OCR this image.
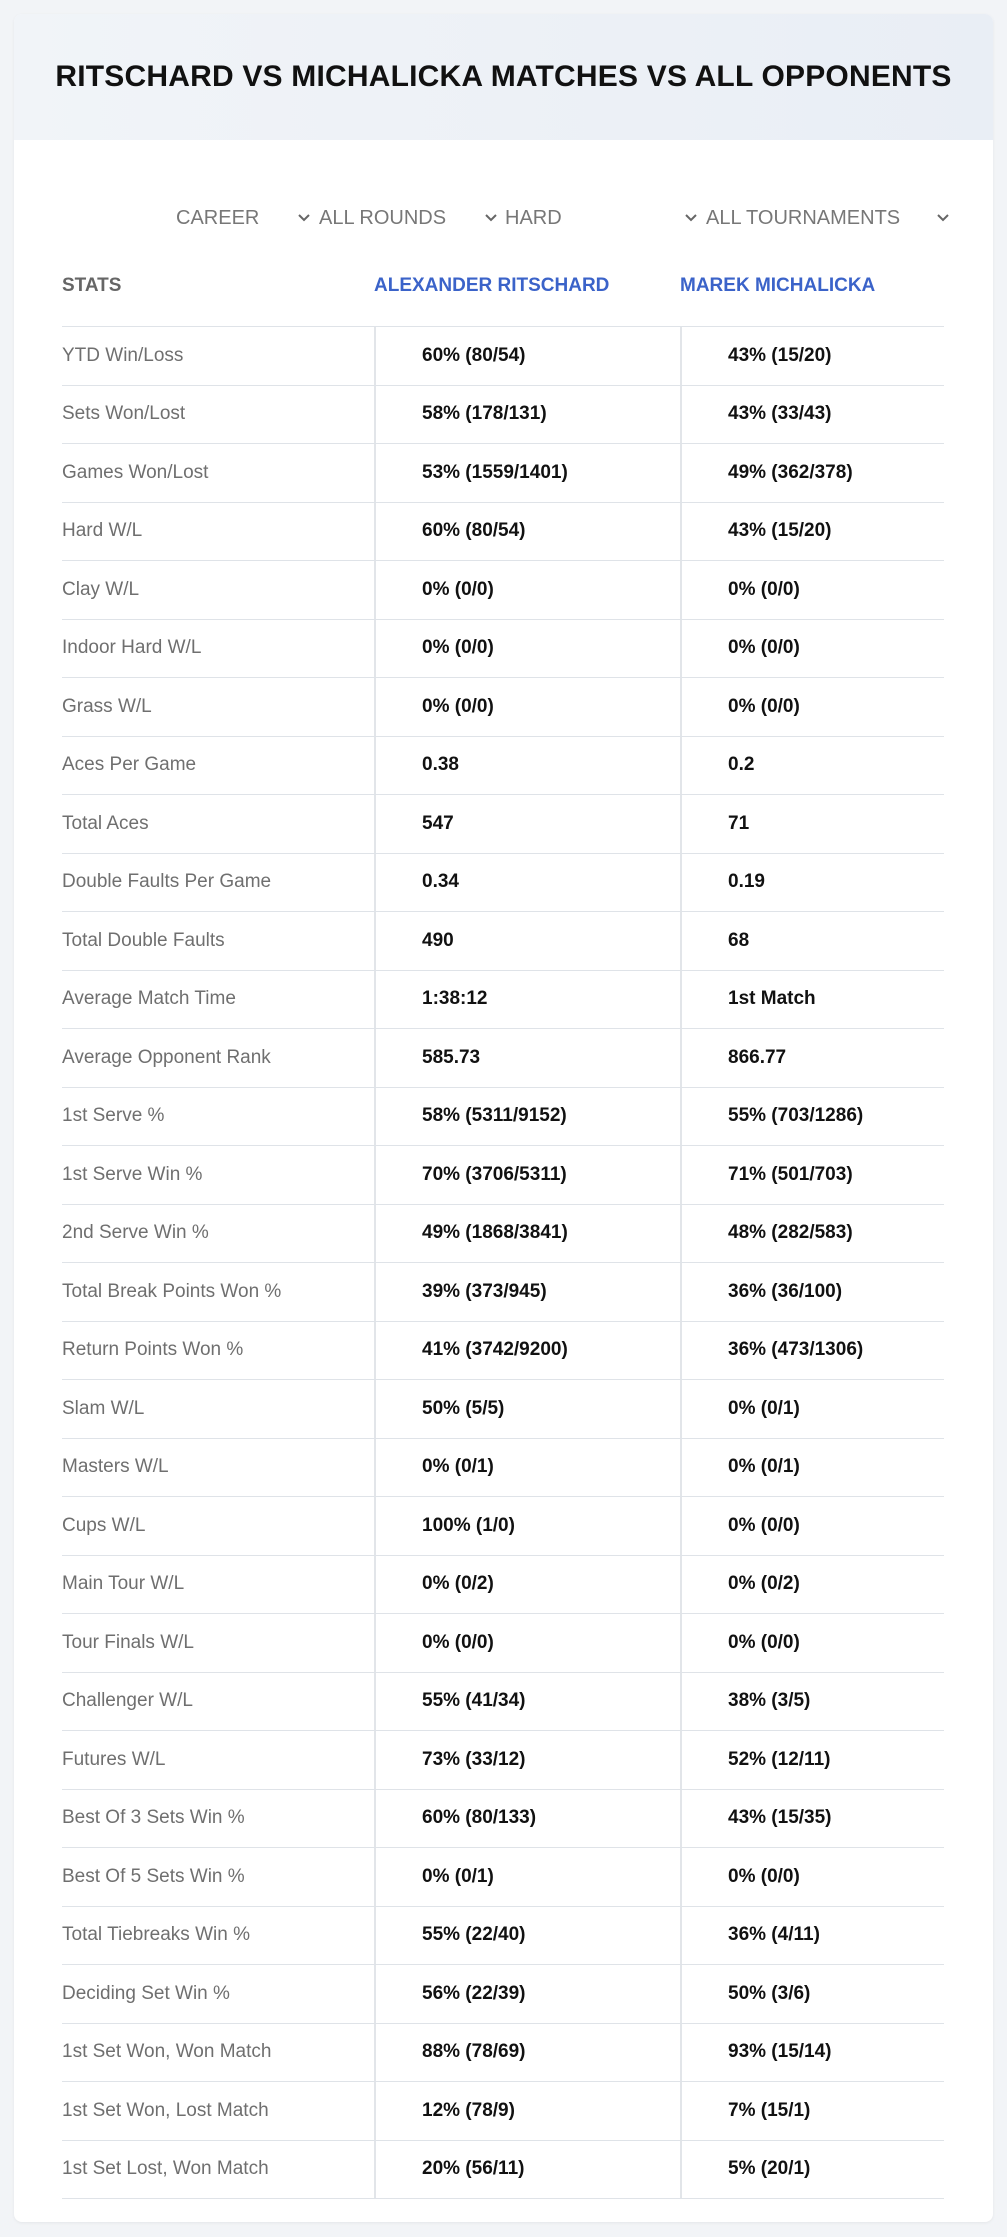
RITSCHARD VS MICHALICKA MATCHES VS ALL OPPONENTS
CAREER	ALL ROUNDS	HARD	ALL TOURNAMENTS
STATS	ALEXANDER RITSCHARD	MAREK MICHALICKA
YTD Win/Loss	60% (80/54)	43% (15/20)
Sets Won/Lost	58% (178/131)	43% (33/43)
Games Won/Lost	53% (1559/1401)	49% (362/378)
Hard W/L	60% (80/54)	43% (15/20)
Clay W/L	0% (0/0)	0% (0/0)
Indoor Hard W/L	0% (0/0)	0% (0/0)
Grass W/L	0% (0/0)	0% (0/0)
Aces Per Game	0.38	0.2
Total Aces	547	71
Double Faults Per Game	0.34	0.19
Total Double Faults	490	68
Average Match Time	1:38:12	1st Match
Average Opponent Rank	585.73	866.77
1st Serve %	58% (5311/9152)	55% (703/1286)
1st Serve Win %	70% (3706/5311)	71% (501/703)
2nd Serve Win %	49% (1868/3841)	48% (282/583)
Total Break Points Won %	39% (373/945)	36% (36/100)
Return Points Won %	41% (3742/9200)	36% (473/1306)
Slam W/L	50% (5/5)	0% (0/1)
Masters W/L	0% (0/1)	0% (0/1)
Cups W/L	100% (1/0)	0% (0/0)
Main Tour W/L	0% (0/2)	0% (0/2)
Tour Finals W/L	0% (0/0)	0% (0/0)
Challenger W/L	55% (41/34)	38% (3/5)
Futures W/L	73% (33/12)	52% (12/11)
Best Of 3 Sets Win %	60% (80/133)	43% (15/35)
Best Of 5 Sets Win %	0% (0/1)	0% (0/0)
Total Tiebreaks Win %	55% (22/40)	36% (4/11)
Deciding Set Win %	56% (22/39)	50% (3/6)
1st Set Won, Won Match	88% (78/69)	93% (15/14)
1st Set Won, Lost Match	12% (78/9)	7% (15/1)
1st Set Lost, Won Match	20% (56/11)	5% (20/1)
